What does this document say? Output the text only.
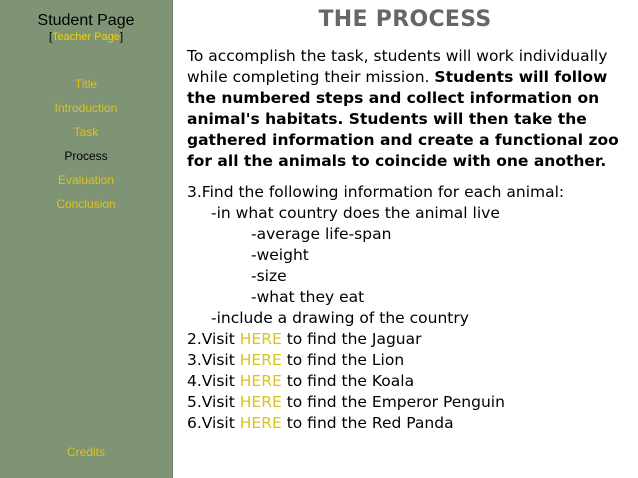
Student Page
[Teacher Page]
Title
Introduction
Task
Process
Evaluation
Conclusion
Credits
THE PROCESS
To accomplish the task, students will work individually while completing their mission. Students will follow the numbered steps and collect information on animal's habitats. Students will then take the gathered information and create a functional zoo for all the animals to coincide with one another.
3.Find the following information for each animal:
-in what country does the animal live
-average life-span
-weight
-size
-what they eat
-include a drawing of the country
2.Visit HERE to find the Jaguar
3.Visit HERE to find the Lion
4.Visit HERE to find the Koala
5.Visit HERE to find the Emperor Penguin
6.Visit HERE to find the Red Panda
